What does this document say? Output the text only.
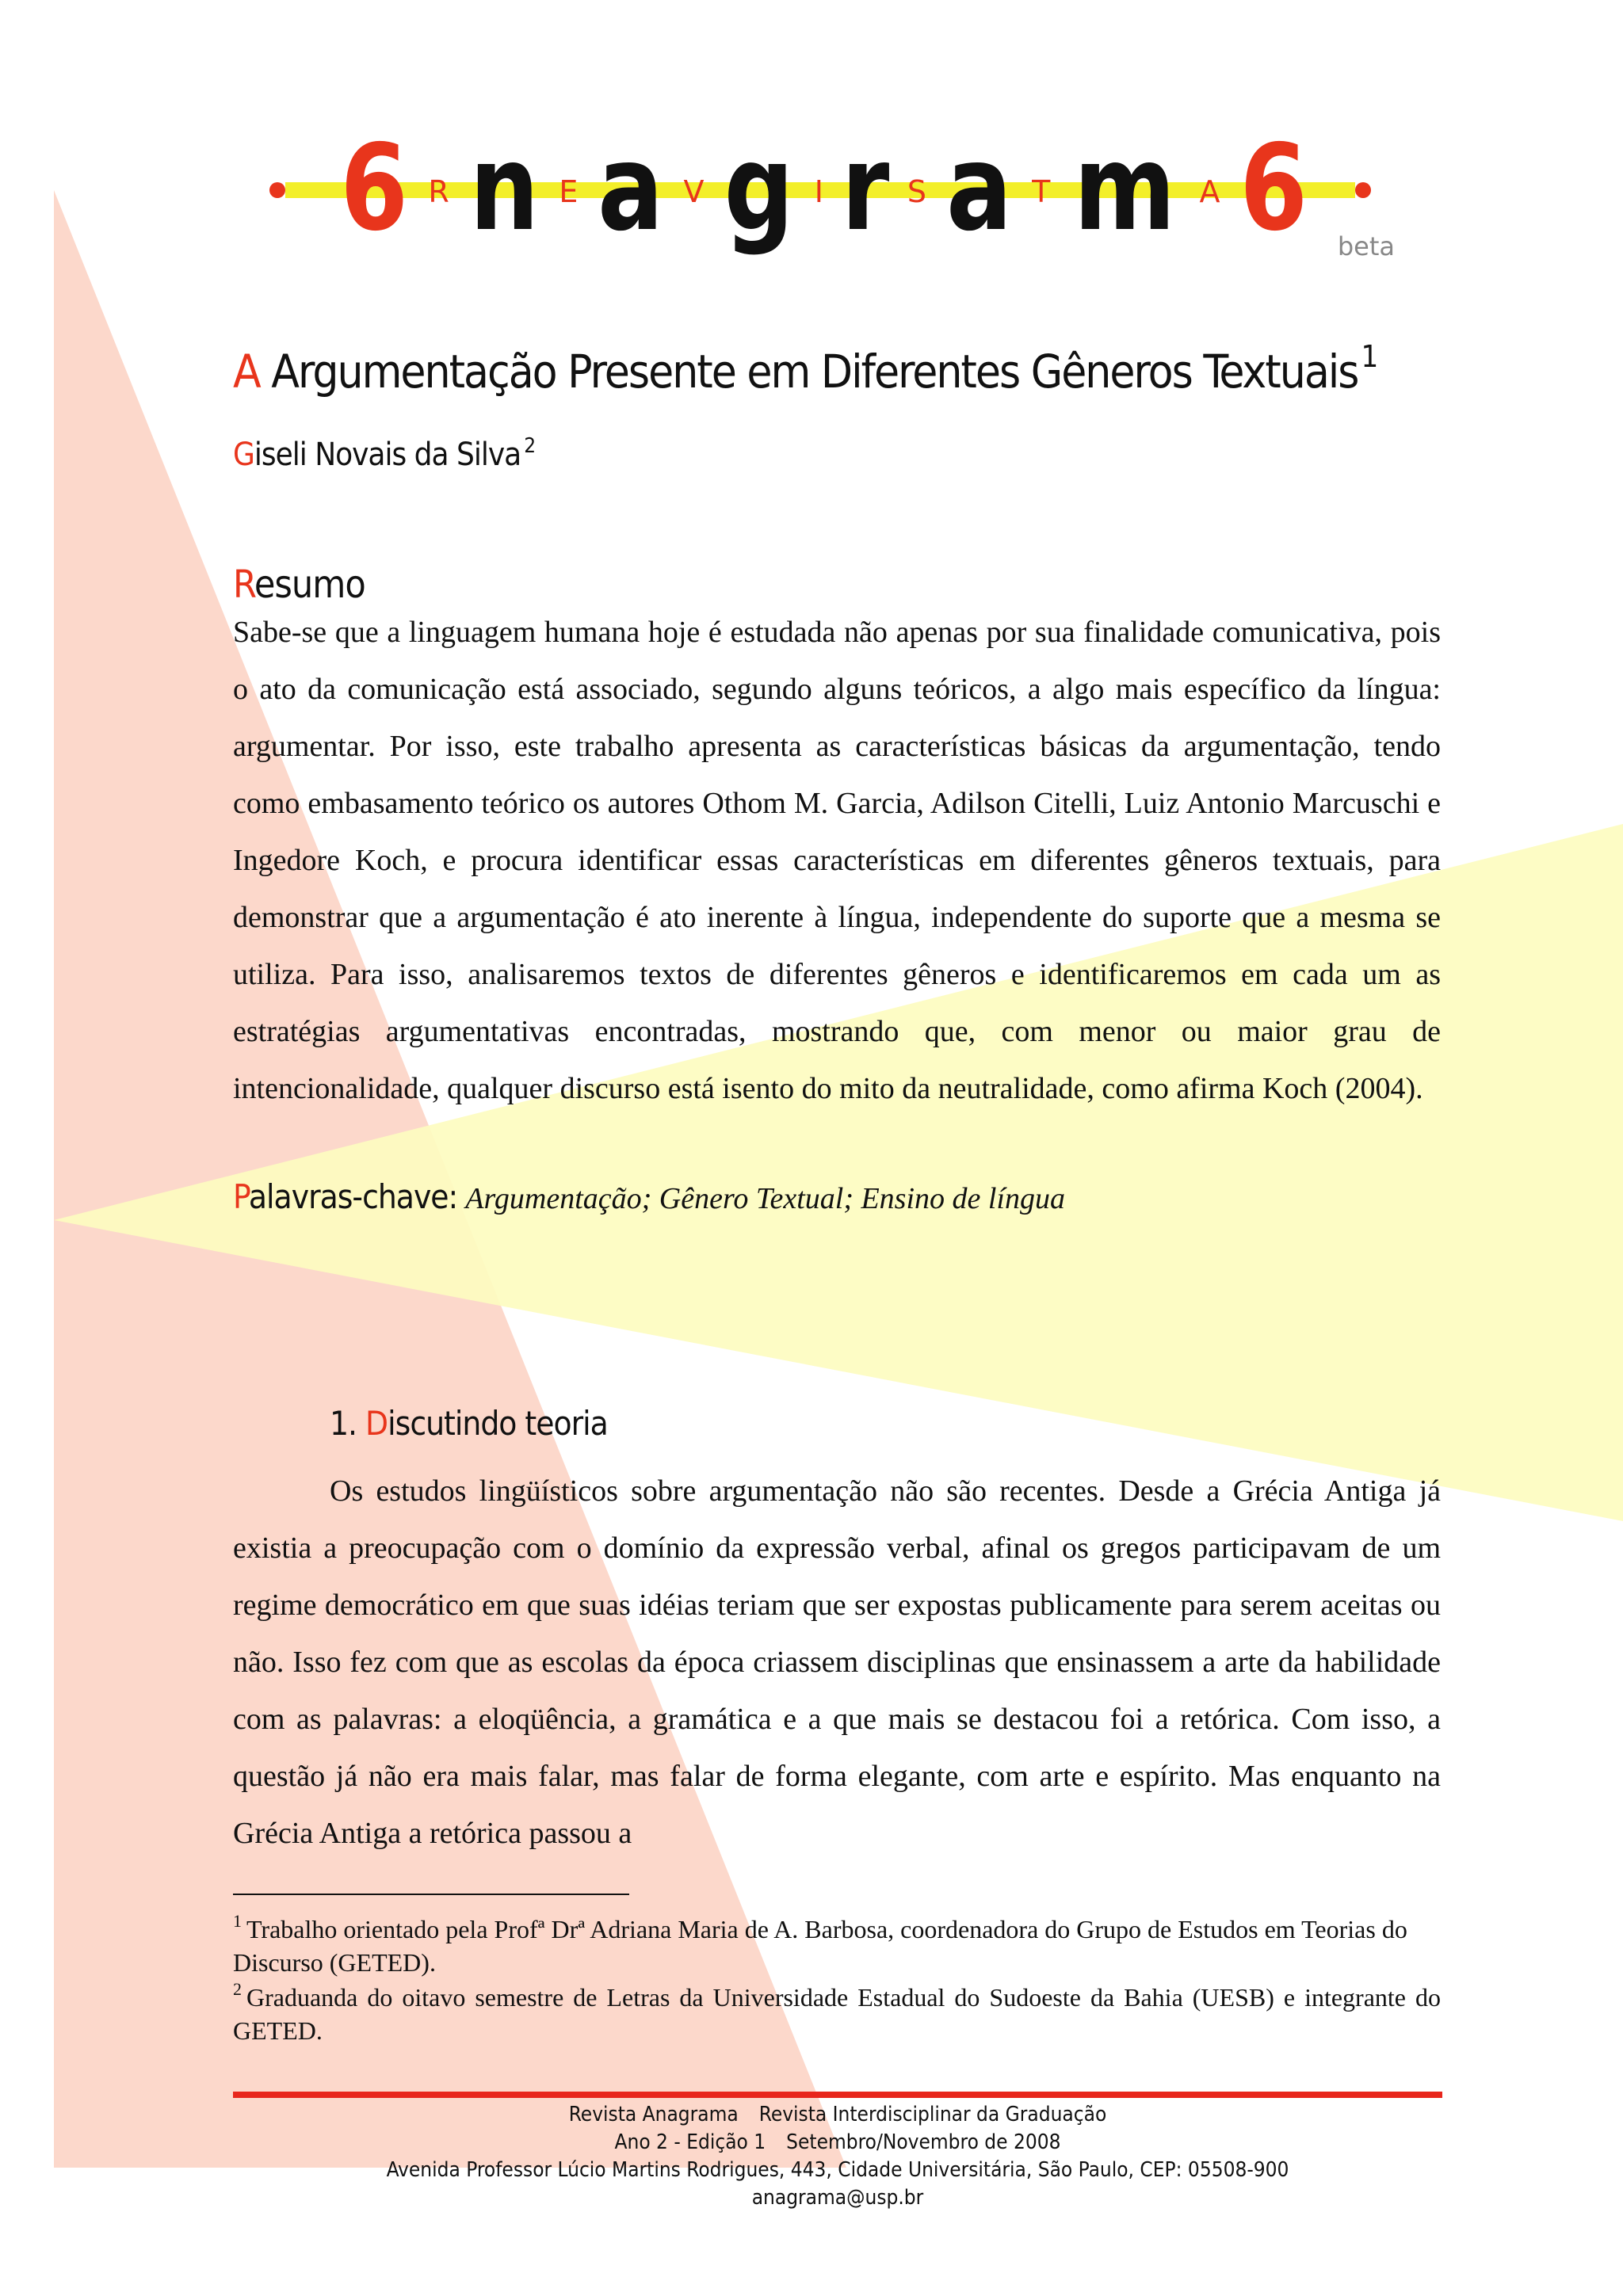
6 R n E a V g I r S a T m A 6 beta
A Argumentação Presente em Diferentes Gêneros Textuais $^1$
Giseli Novais da Silva $^2$
Resumo
Sabe-se que a linguagem humana hoje é estudada não apenas por sua finalidade comunicativa, pois o ato da comunicação está associado, segundo alguns teóricos, a algo mais específico da língua: argumentar. Por isso, este trabalho apresenta as características básicas da argumentação, tendo como embasamento teórico os autores Othom M. Garcia, Adilson Citelli, Luiz Antonio Marcuschi e Ingedore Koch, e procura identificar essas características em diferentes gêneros textuais, para demonstrar que a argumentação é ato inerente à língua, independente do suporte que a mesma se utiliza. Para isso, analisaremos textos de diferentes gêneros e identificaremos em cada um as estratégias argumentativas encontradas, mostrando que, com menor ou maior grau de intencionalidade, qualquer discurso está isento do mito da neutralidade, como afirma Koch (2004).
Palavras-chave: Argumentação; Gênero Textual; Ensino de língua
1. Discutindo teoria
Os estudos lingüísticos sobre argumentação não são recentes. Desde a Grécia Antiga já existia a preocupação com o domínio da expressão verbal, afinal os gregos participavam de um regime democrático em que suas idéias teriam que ser expostas publicamente para serem aceitas ou não. Isso fez com que as escolas da época criassem disciplinas que ensinassem a arte da habilidade com as palavras: a eloqüência, a gramática e a que mais se destacou foi a retórica. Com isso, a questão já não era mais falar, mas falar de forma elegante, com arte e espírito. Mas enquanto na Grécia Antiga a retórica passou a
$^1$ Trabalho orientado pela Profª Drª Adriana Maria de A. Barbosa, coordenadora do Grupo de Estudos em Teorias do Discurso (GETED).
$^2$ Graduanda do oitavo semestre de Letras da Universidade Estadual do Sudoeste da Bahia (UESB) e integrante do GETED.
Revista Anagrama Revista Interdisciplinar da Graduação
Ano 2 - Edição 1 Setembro/Novembro de 2008
Avenida Professor Lúcio Martins Rodrigues, 443, Cidade Universitária, São Paulo, CEP: 05508-900
anagrama@usp.br
